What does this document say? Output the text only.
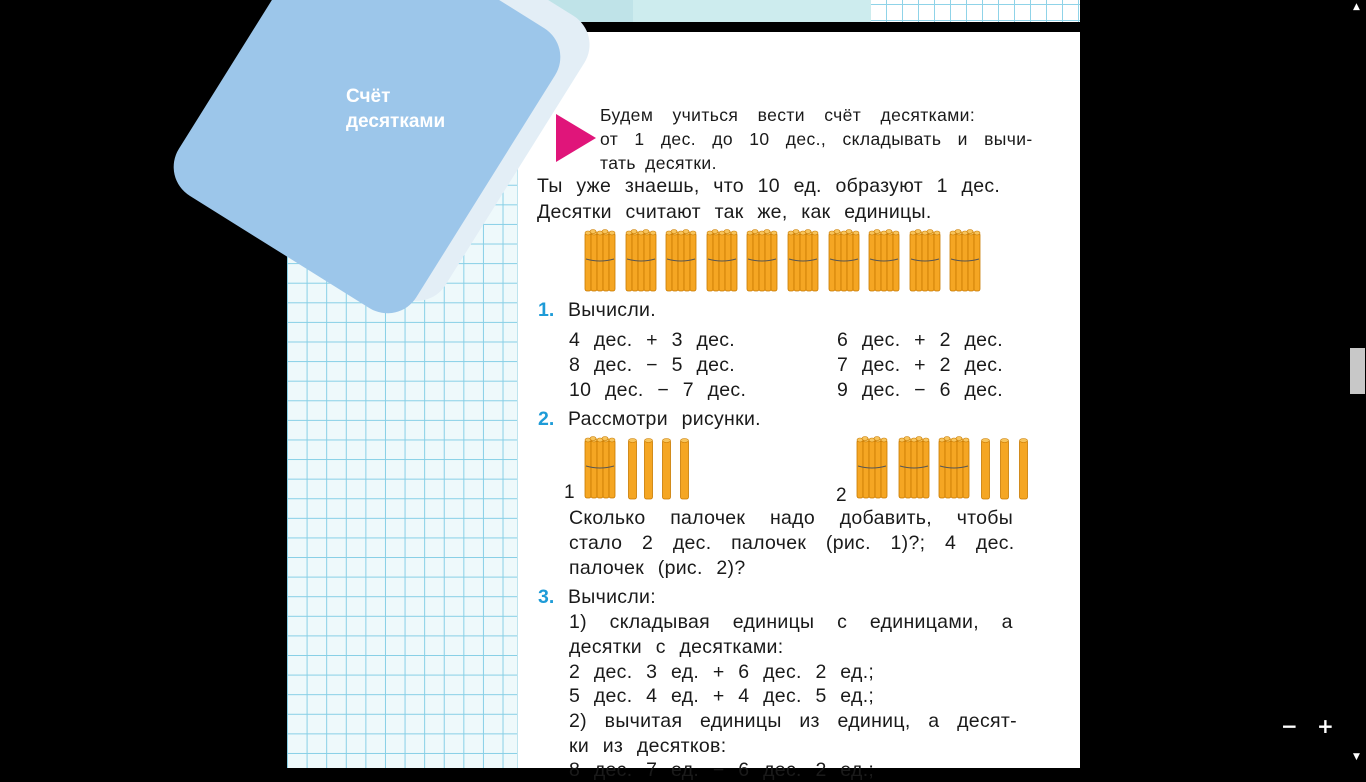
Счёт
десятками	Будем учиться вести счёт десятками:
от 1 дес. до 10 дес., складывать и вычи-
тать десятки.
Ты уже знаешь, что 10 ед. образуют 1 дес.
Десятки считают так же, как единицы.
1. Вычисли.
4 дес. + 3 дес.
8 дес. − 5 дес.
10 дес. − 7 дес.
6 дес. + 2 дес.
7 дес. + 2 дес.
9 дес. − 6 дес.
2. Рассмотри рисунки.
1	2
Сколько палочек надо добавить, чтобы
стало 2 дес. палочек (рис. 1)?; 4 дес.
палочек (рис. 2)?
3. Вычисли:
1) складывая единицы с единицами, а
десятки с десятками:
2 дес. 3 ед. + 6 дес. 2 ед.;
5 дес. 4 ед. + 4 дес. 5 ед.;
2) вычитая единицы из единиц, а десят-
ки из десятков:
8 дес. 7 ед. − 6 дес. 2 ед.;
▲
▼
− +
